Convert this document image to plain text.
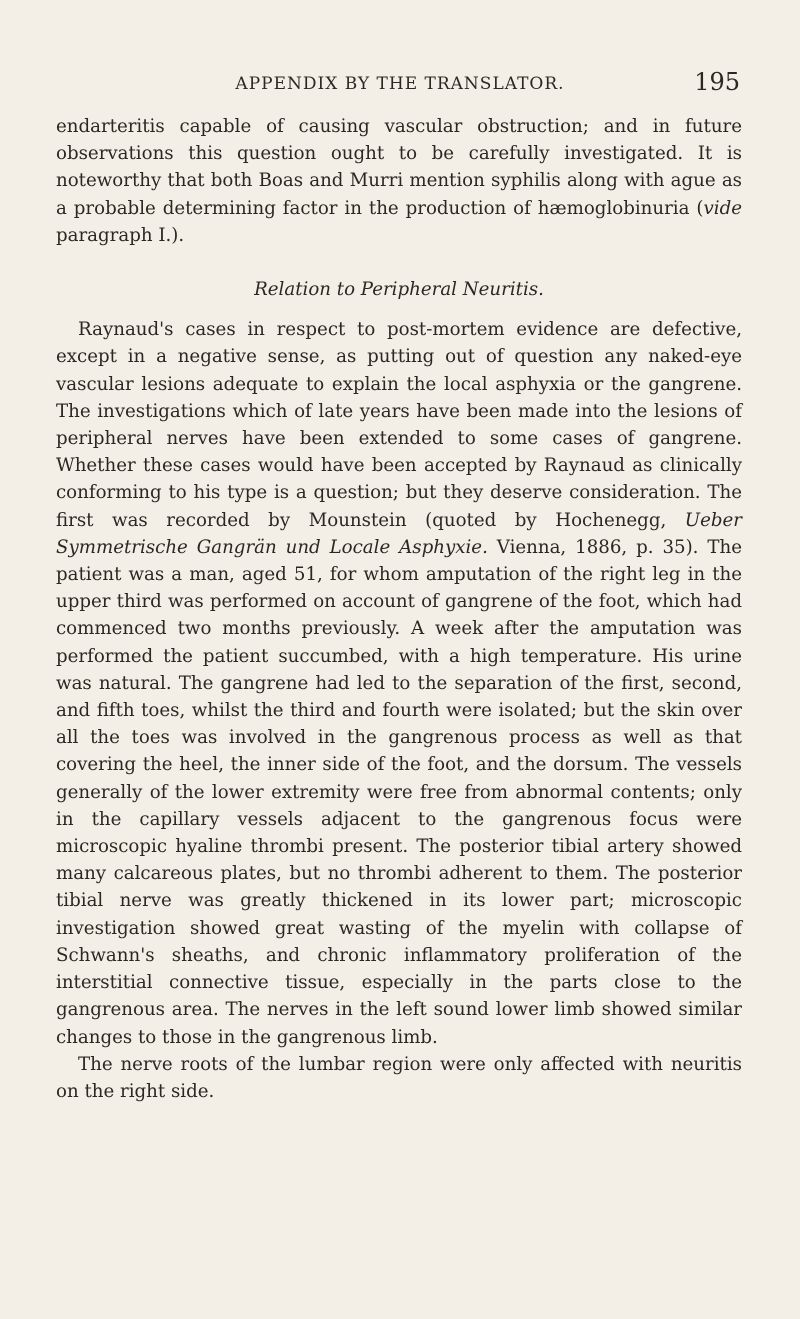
APPENDIX BY THE TRANSLATOR.	195

endarteritis capable of causing vascular obstruction; and in future observations this question ought to be carefully investigated. It is noteworthy that both Boas and Murri mention syphilis along with ague as a probable determining factor in the production of hæmoglobinuria (vide paragraph I.).

Relation to Peripheral Neuritis.

Raynaud's cases in respect to post-mortem evidence are defective, except in a negative sense, as putting out of question any naked-eye vascular lesions adequate to explain the local asphyxia or the gangrene. The investigations which of late years have been made into the lesions of peripheral nerves have been extended to some cases of gangrene. Whether these cases would have been accepted by Raynaud as clinically conforming to his type is a question; but they deserve consideration. The first was recorded by Mounstein (quoted by Hochenegg, Ueber Symmetrische Gangrän und Locale Asphyxie. Vienna, 1886, p. 35). The patient was a man, aged 51, for whom amputation of the right leg in the upper third was performed on account of gangrene of the foot, which had commenced two months previously. A week after the amputation was performed the patient succumbed, with a high temperature. His urine was natural. The gangrene had led to the separation of the first, second, and fifth toes, whilst the third and fourth were isolated; but the skin over all the toes was involved in the gangrenous process as well as that covering the heel, the inner side of the foot, and the dorsum. The vessels generally of the lower extremity were free from abnormal contents; only in the capillary vessels adjacent to the gangrenous focus were microscopic hyaline thrombi present. The posterior tibial artery showed many calcareous plates, but no thrombi adherent to them. The posterior tibial nerve was greatly thickened in its lower part; microscopic investigation showed great wasting of the myelin with collapse of Schwann's sheaths, and chronic inflammatory proliferation of the interstitial connective tissue, especially in the parts close to the gangrenous area. The nerves in the left sound lower limb showed similar changes to those in the gangrenous limb.

The nerve roots of the lumbar region were only affected with neuritis on the right side.
